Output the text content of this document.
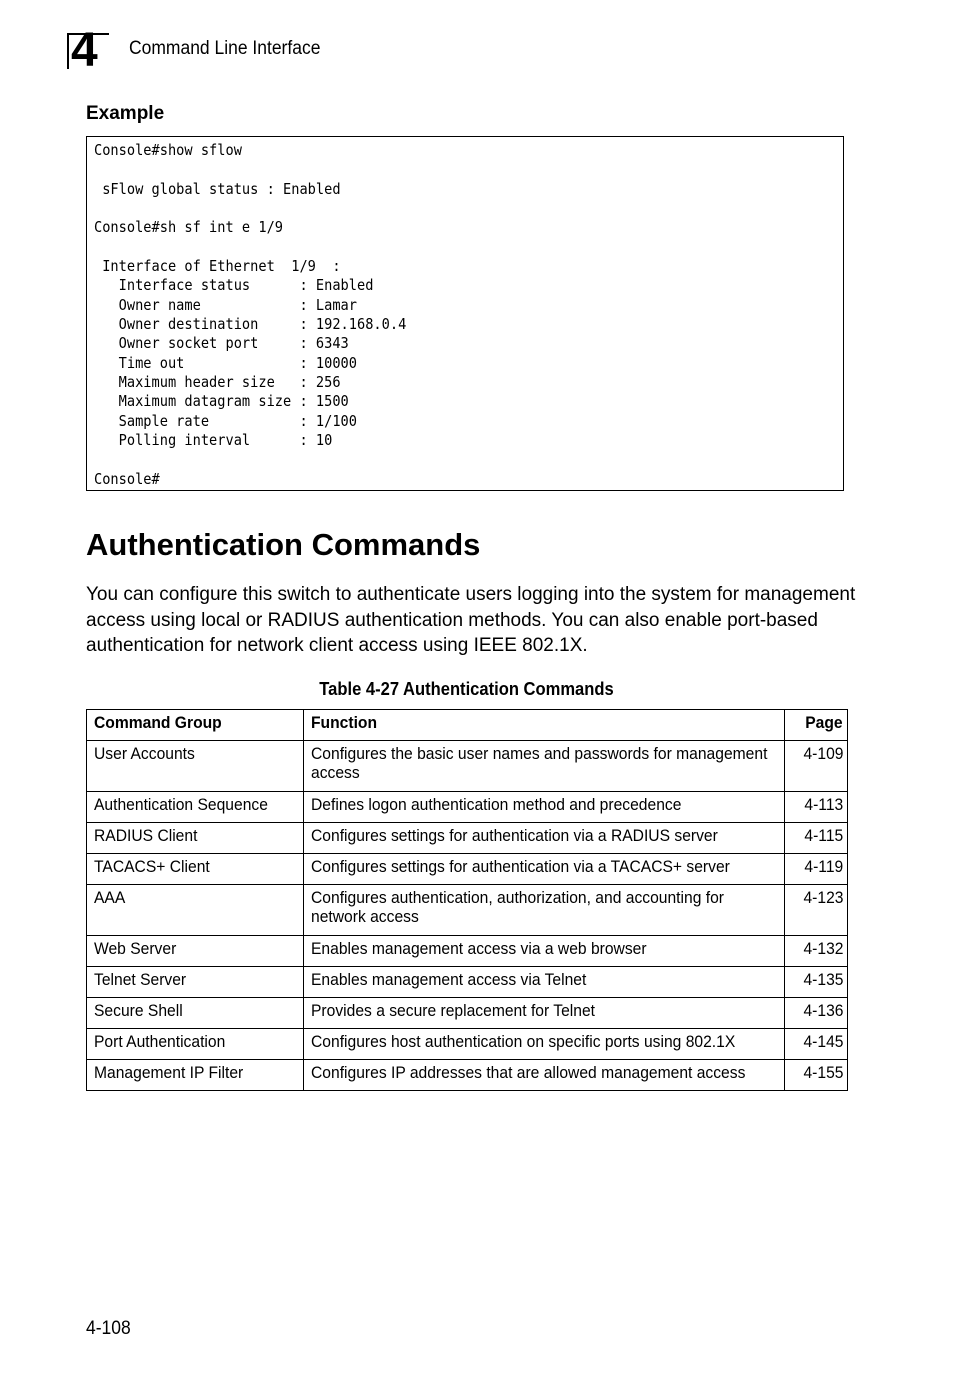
4 Command Line Interface
Example
Console#show sflow

sFlow global status : Enabled

Console#sh sf int e 1/9

Interface of Ethernet  1/9  :
Interface status      : Enabled
Owner name            : Lamar
Owner destination     : 192.168.0.4
Owner socket port     : 6343
Time out              : 10000
Maximum header size   : 256
Maximum datagram size : 1500
Sample rate           : 1/100
Polling interval      : 10

Console#
Authentication Commands

You can configure this switch to authenticate users logging into the system for management access using local or RADIUS authentication methods. You can also enable port-based authentication for network client access using IEEE 802.1X.

Table 4-27 Authentication Commands
Command Group	Function	Page
User Accounts	Configures the basic user names and passwords for management access	4-109
Authentication Sequence	Defines logon authentication method and precedence	4-113
RADIUS Client	Configures settings for authentication via a RADIUS server	4-115
TACACS+ Client	Configures settings for authentication via a TACACS+ server	4-119
AAA	Configures authentication, authorization, and accounting for network access	4-123
Web Server	Enables management access via a web browser	4-132
Telnet Server	Enables management access via Telnet	4-135
Secure Shell	Provides a secure replacement for Telnet	4-136
Port Authentication	Configures host authentication on specific ports using 802.1X	4-145
Management IP Filter	Configures IP addresses that are allowed management access	4-155
4-108
